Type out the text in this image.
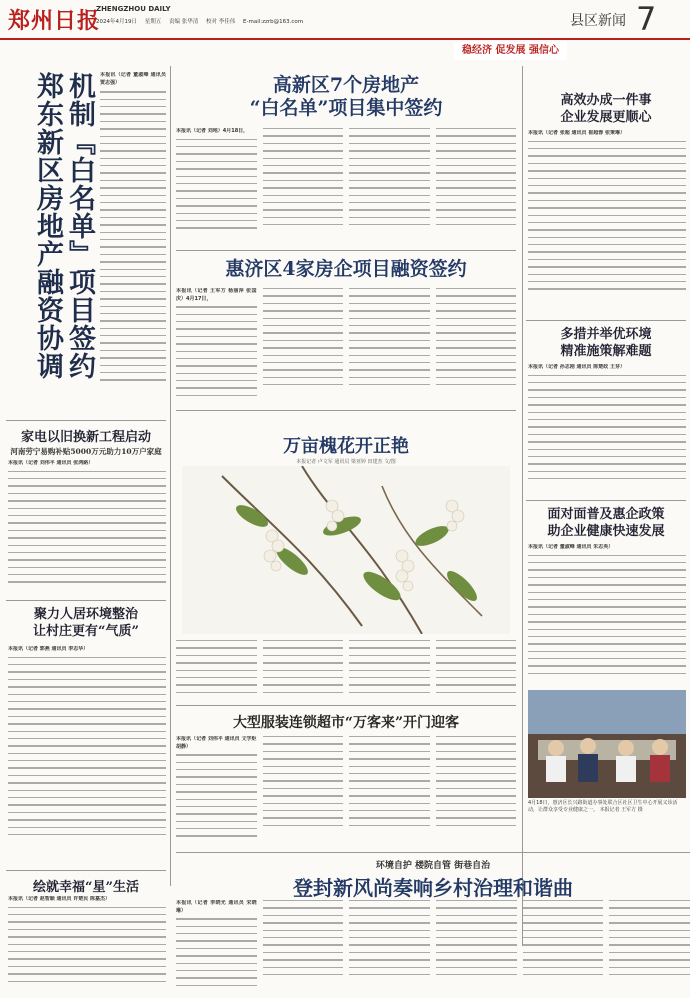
郑州日报
ZHENGZHOU DAILY
2024年4月19日 星期五 责编 张华清 校对 李佳伟 E-mail:zzrb@163.com	县区新闻 7
稳经济 促发展 强信心
机制『白名单』项目签约
郑东新区房地产融资协调	本报讯（记者 董淑峰 通讯员 贾志强）	高新区7个房地产
“白名单”项目集中签约
本报讯（记者 刘地）4月18日，
惠济区4家房企项目融资签约
本报讯（记者 王军方 杨丽萍 张国庆）4月17日，
家电以旧换新工程启动
河南劳宁易购补贴5000万元助力10万户家庭
本报讯（记者 刘伟平 通讯员 张鸿路）
聚力人居环境整治
让村庄更有“气质”
本报讯（记者 郭燕 通讯员 李志华）
绘就幸福“星”生活
本报讯（记者 赵智颖 通讯员 许楚民 陈嘉杰）
万亩槐花开正艳
本报记者 卢文军 通讯员 梁亚婷 田建杰 文/图
大型服装连锁超市“万客来”开门迎客
本报讯（记者 刘伟平 通讯员 文学炬 胡静）
环境自护 楼院自管 街巷自治
登封新风尚奏响乡村治理和谐曲
本报讯（记者 李晓光 通讯员 宋晓琳）
高效办成一件事
企业发展更顺心
本报讯（记者 张超 通讯员 崔超蓉 张秉琳）
多措并举优环境
精准施策解难题
本报讯（记者 孙志刚 通讯员 陈楚政 王芽）
面对面普及惠企政策
助企业健康快速发展
本报讯（记者 董淑峰 通讯员 朱志英）
4月18日，惠济区长兴路街道办事处联合区社区卫生中心开展义诊活动，让群众享受专业健康之一。 本报记者 王军方 摄
